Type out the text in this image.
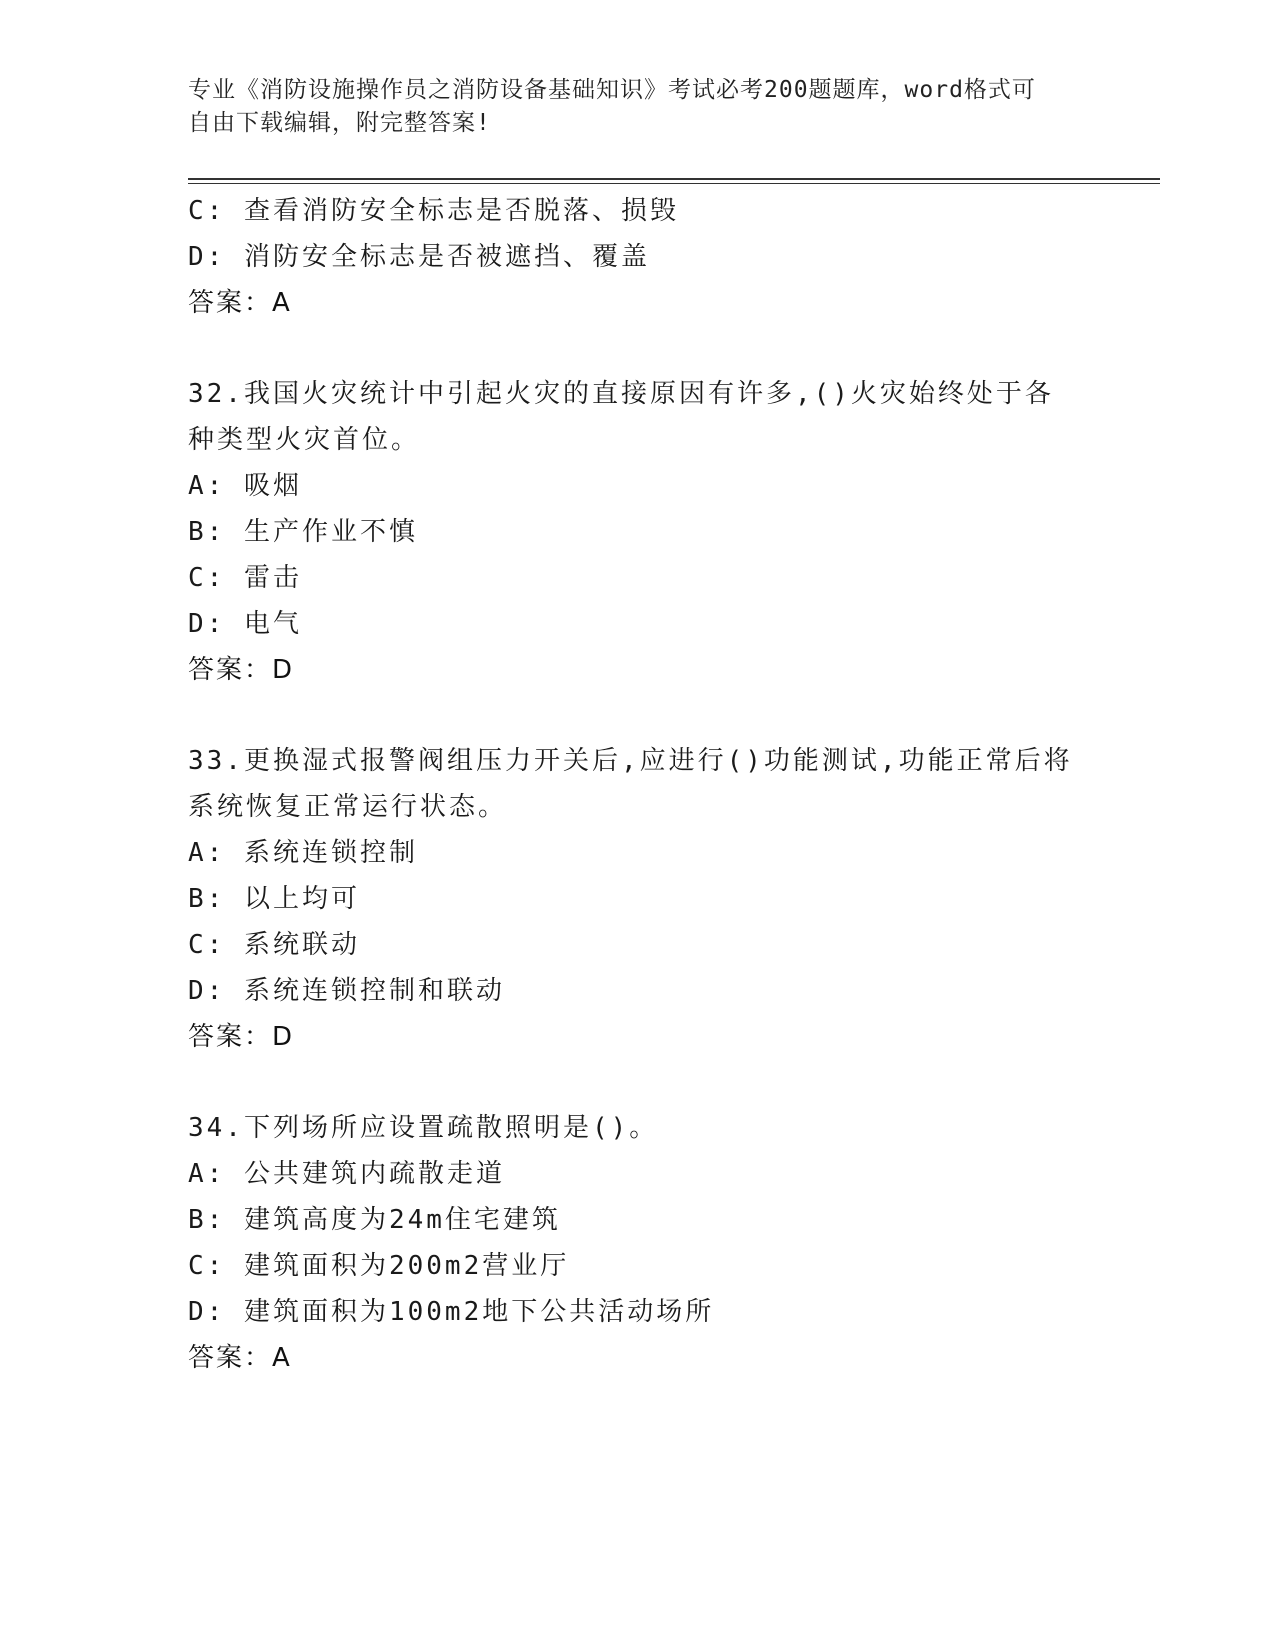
专业《消防设施操作员之消防设备基础知识》考试必考200题题库，word格式可
自由下载编辑，附完整答案!
C: 查看消防安全标志是否脱落、损毁
D: 消防安全标志是否被遮挡、覆盖
答案：A
32.我国火灾统计中引起火灾的直接原因有许多,()火灾始终处于各
种类型火灾首位。
A: 吸烟
B: 生产作业不慎
C: 雷击
D: 电气
答案：D
33.更换湿式报警阀组压力开关后,应进行()功能测试,功能正常后将
系统恢复正常运行状态。
A: 系统连锁控制
B: 以上均可
C: 系统联动
D: 系统连锁控制和联动
答案：D
34.下列场所应设置疏散照明是()。
A: 公共建筑内疏散走道
B: 建筑高度为24m住宅建筑
C: 建筑面积为200m2营业厅
D: 建筑面积为100m2地下公共活动场所
答案：A
